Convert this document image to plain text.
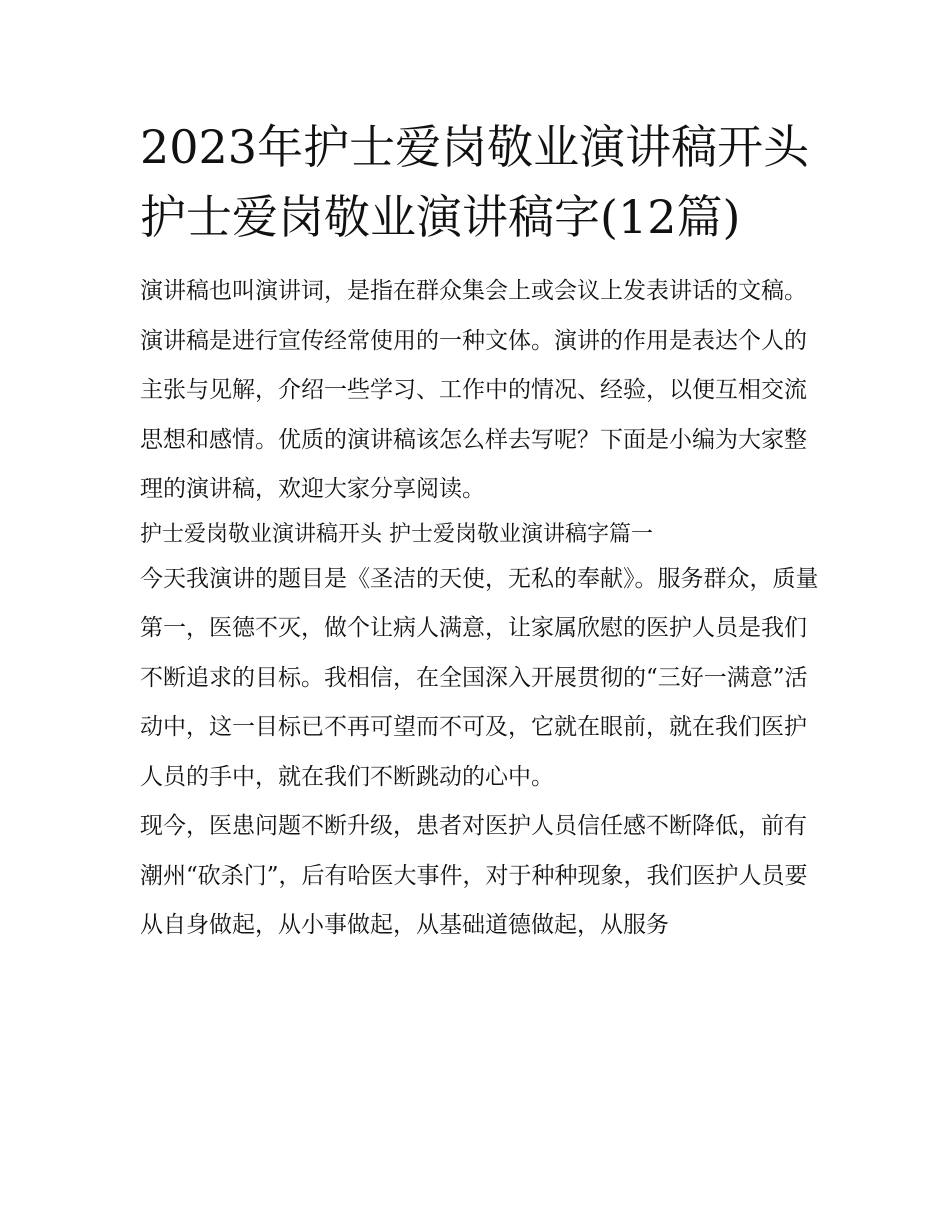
2023年护士爱岗敬业演讲稿开头 护士爱岗敬业演讲稿字(12篇)

演讲稿也叫演讲词，是指在群众集会上或会议上发表讲话的文稿。演讲稿是进行宣传经常使用的一种文体。演讲的作用是表达个人的主张与见解，介绍一些学习、工作中的情况、经验，以便互相交流思想和感情。优质的演讲稿该怎么样去写呢？下面是小编为大家整理的演讲稿，欢迎大家分享阅读。

护士爱岗敬业演讲稿开头 护士爱岗敬业演讲稿字篇一

今天我演讲的题目是《圣洁的天使，无私的奉献》。服务群众，质量第一，医德不灭，做个让病人满意，让家属欣慰的医护人员是我们不断追求的目标。我相信，在全国深入开展贯彻的“三好一满意”活动中，这一目标已不再可望而不可及，它就在眼前，就在我们医护人员的手中，就在我们不断跳动的心中。

现今，医患问题不断升级，患者对医护人员信任感不断降低，前有潮州“砍杀门”，后有哈医大事件，对于种种现象，我们医护人员要从自身做起，从小事做起，从基础道德做起，从服务
